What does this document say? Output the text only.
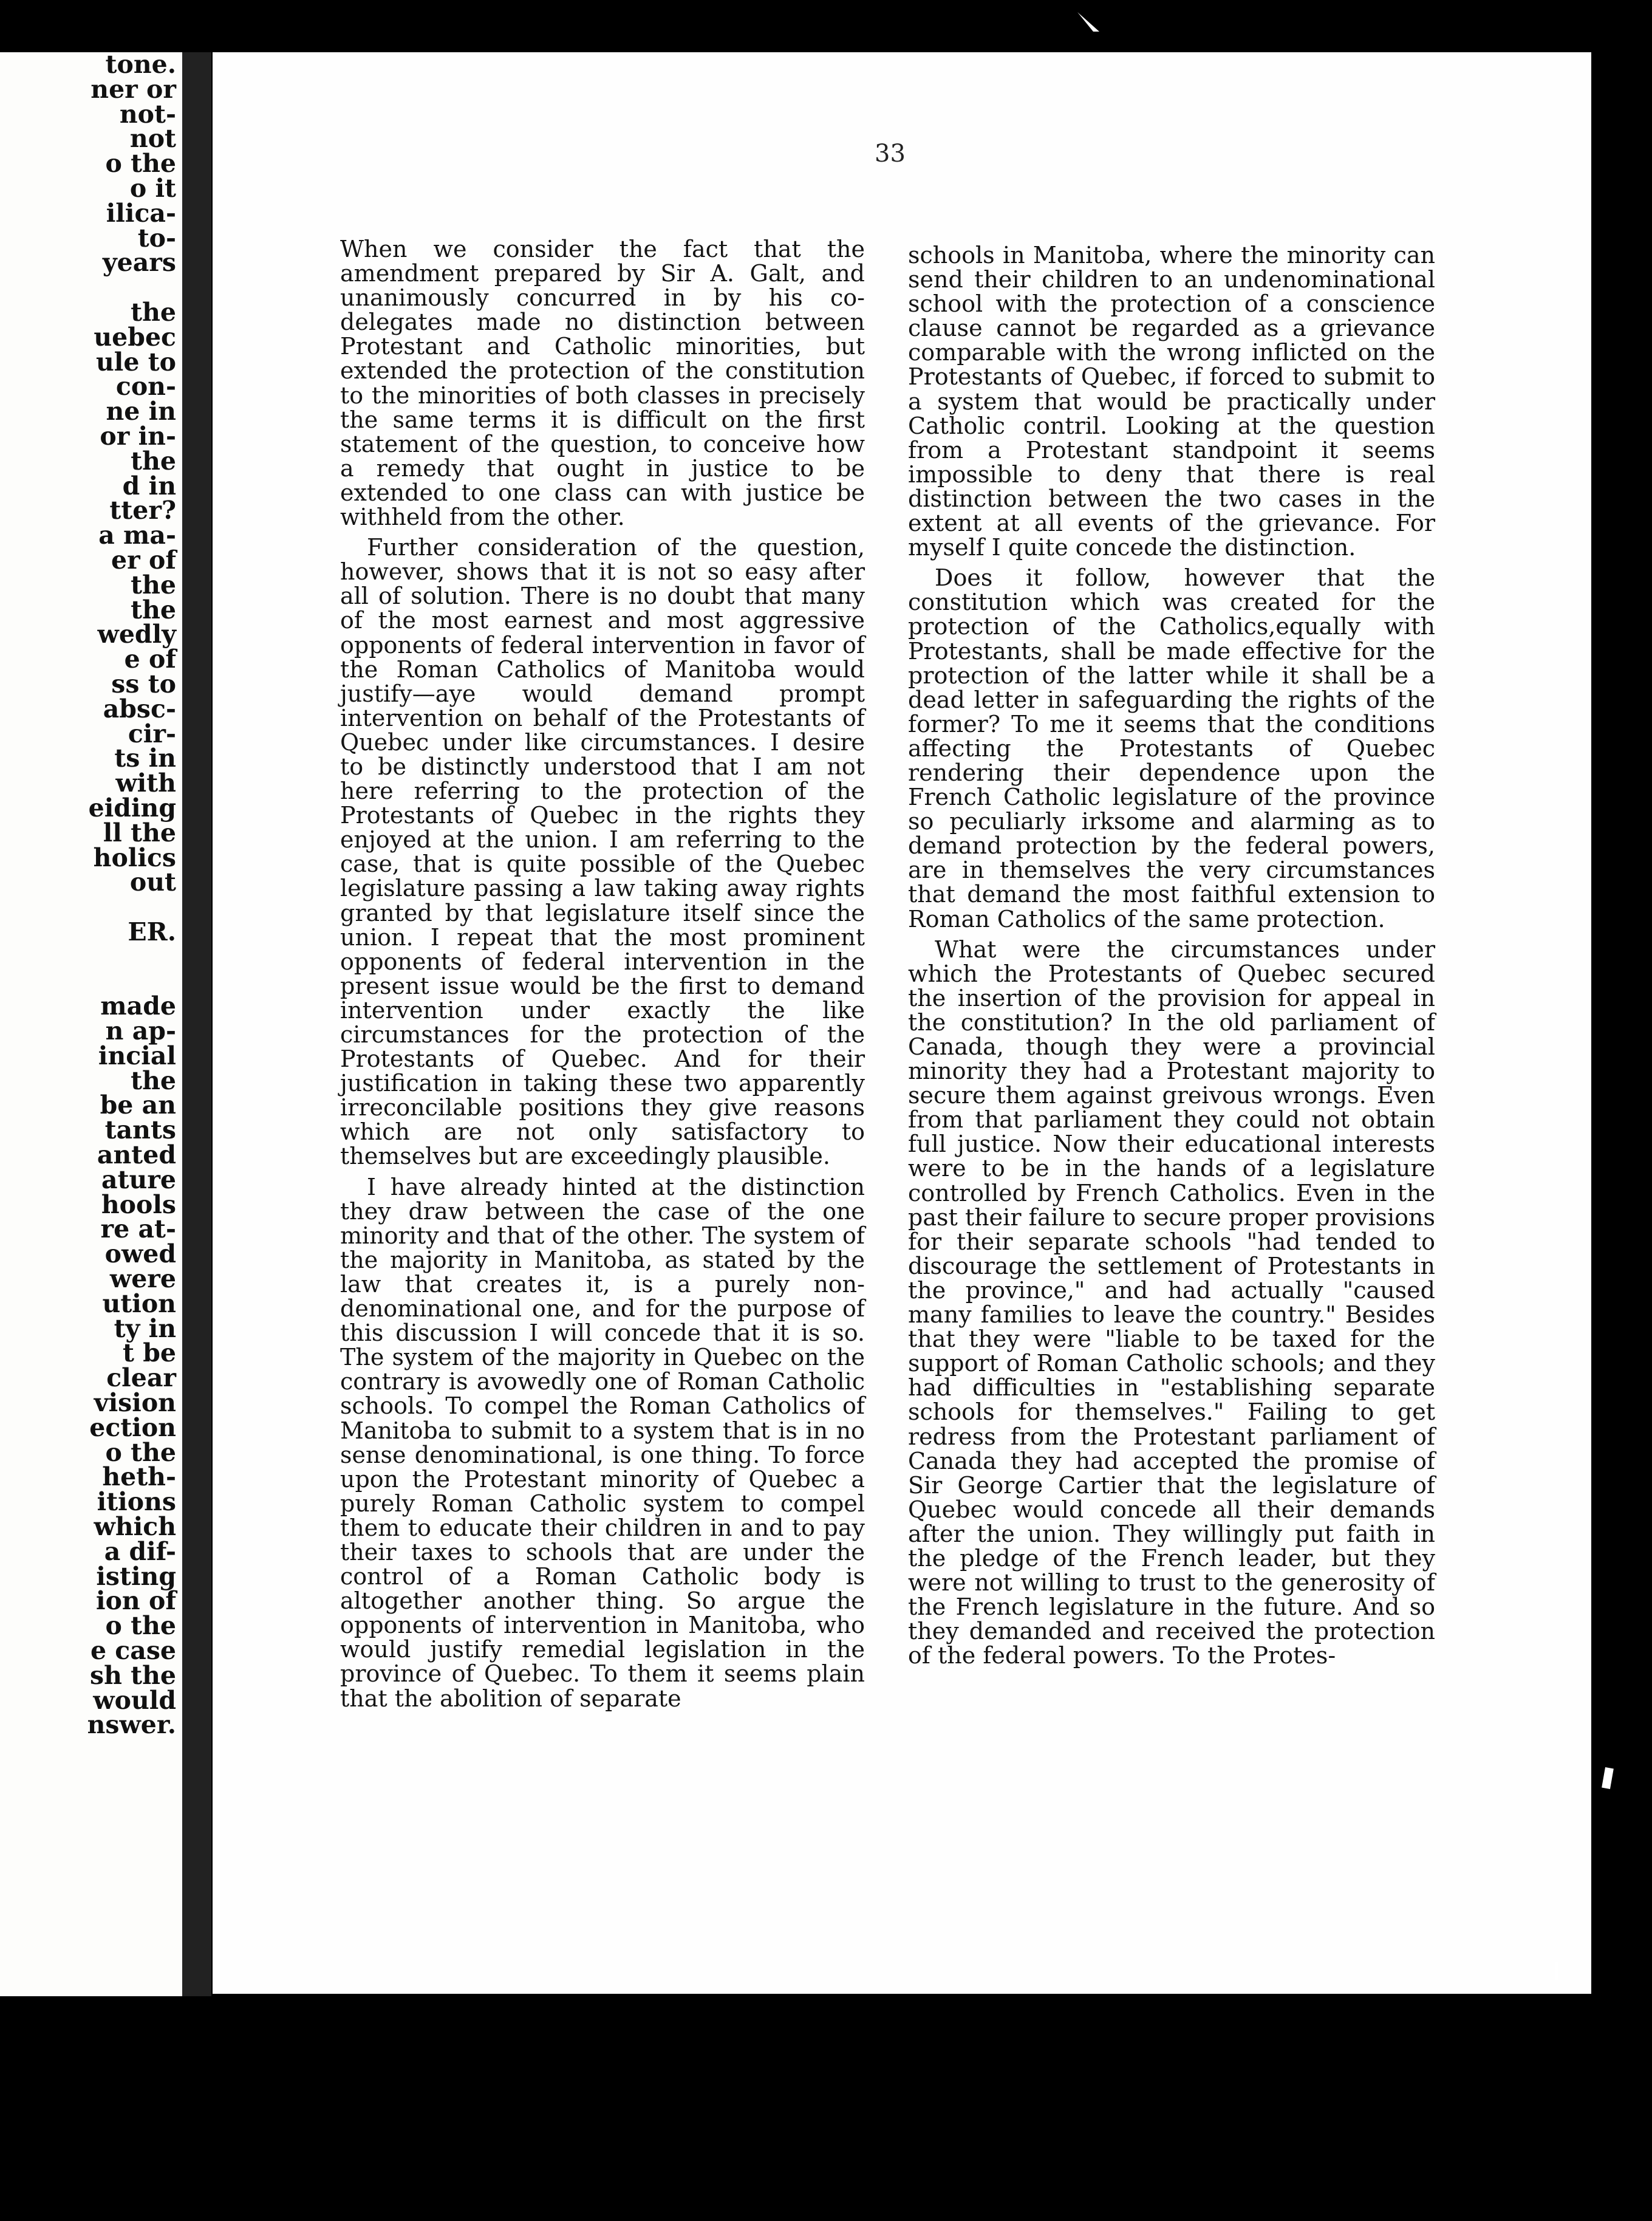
tone.
ner or
not-
not
o the
o it
ilica-
to-
years
the
uebec
ule to
con-
ne in
or in-
the
d in
tter?
a ma-
er of
the
the
wedly
e of
ss to
absc-
cir-
ts in
with
eiding
ll the
holics
out
ER.
made
n ap-
incial
the
be an
tants
anted
ature
hools
re at-
owed
were
ution
ty in
t be
clear
vision
ection
o the
heth-
itions
which
a dif-
isting
ion of
o the
e case
sh the
would
nswer.
33

When we consider the fact that the amendment prepared by Sir A. Galt, and unanimously concurred in by his co-delegates made no distinction between Protestant and Catholic minorities, but extended the protection of the constitution to the minorities of both classes in precisely the same terms it is difficult on the first statement of the question, to conceive how a remedy that ought in justice to be extended to one class can with justice be withheld from the other.

Further consideration of the question, however, shows that it is not so easy after all of solution. There is no doubt that many of the most earnest and most aggressive opponents of federal intervention in favor of the Roman Catholics of Manitoba would justify—aye would demand prompt intervention on behalf of the Protestants of Quebec under like circumstances. I desire to be distinctly understood that I am not here referring to the protection of the Protestants of Quebec in the rights they enjoyed at the union. I am referring to the case, that is quite possible of the Quebec legislature passing a law taking away rights granted by that legislature itself since the union. I repeat that the most prominent opponents of federal intervention in the present issue would be the first to demand intervention under exactly the like circumstances for the protection of the Protestants of Quebec. And for their justification in taking these two apparently irreconcilable positions they give reasons which are not only satisfactory to themselves but are exceedingly plausible.

I have already hinted at the distinction they draw between the case of the one minority and that of the other. The system of the majority in Manitoba, as stated by the law that creates it, is a purely non-denominational one, and for the purpose of this discussion I will concede that it is so. The system of the majority in Quebec on the contrary is avowedly one of Roman Catholic schools. To compel the Roman Catholics of Manitoba to submit to a system that is in no sense denominational, is one thing. To force upon the Protestant minority of Quebec a purely Roman Catholic system to compel them to educate their children in and to pay their taxes to schools that are under the control of a Roman Catholic body is altogether another thing. So argue the opponents of intervention in Manitoba, who would justify remedial legislation in the province of Quebec. To them it seems plain that the abolition of separate

schools in Manitoba, where the minority can send their children to an undenominational school with the protection of a conscience clause cannot be regarded as a grievance comparable with the wrong inflicted on the Protestants of Quebec, if forced to submit to a system that would be practically under Catholic contril. Looking at the question from a Protestant standpoint it seems impossible to deny that there is real distinction between the two cases in the extent at all events of the grievance. For myself I quite concede the distinction.

Does it follow, however that the constitution which was created for the protection of the Catholics,equally with Protestants, shall be made effective for the protection of the latter while it shall be a dead letter in safeguarding the rights of the former? To me it seems that the conditions affecting the Protestants of Quebec rendering their dependence upon the French Catholic legislature of the province so peculiarly irksome and alarming as to demand protection by the federal powers, are in themselves the very circumstances that demand the most faithful extension to Roman Catholics of the same protection.

What were the circumstances under which the Protestants of Quebec secured the insertion of the provision for appeal in the constitution? In the old parliament of Canada, though they were a provincial minority they had a Protestant majority to secure them against greivous wrongs. Even from that parliament they could not obtain full justice. Now their educational interests were to be in the hands of a legislature controlled by French Catholics. Even in the past their failure to secure proper provisions for their separate schools "had tended to discourage the settlement of Protestants in the province," and had actually "caused many families to leave the country." Besides that they were "liable to be taxed for the support of Roman Catholic schools; and they had difficulties in "establishing separate schools for themselves." Failing to get redress from the Protestant parliament of Canada they had accepted the promise of Sir George Cartier that the legislature of Quebec would concede all their demands after the union. They willingly put faith in the pledge of the French leader, but they were not willing to trust to the generosity of the French legislature in the future. And so they demanded and received the protection of the federal powers. To the Protes-
